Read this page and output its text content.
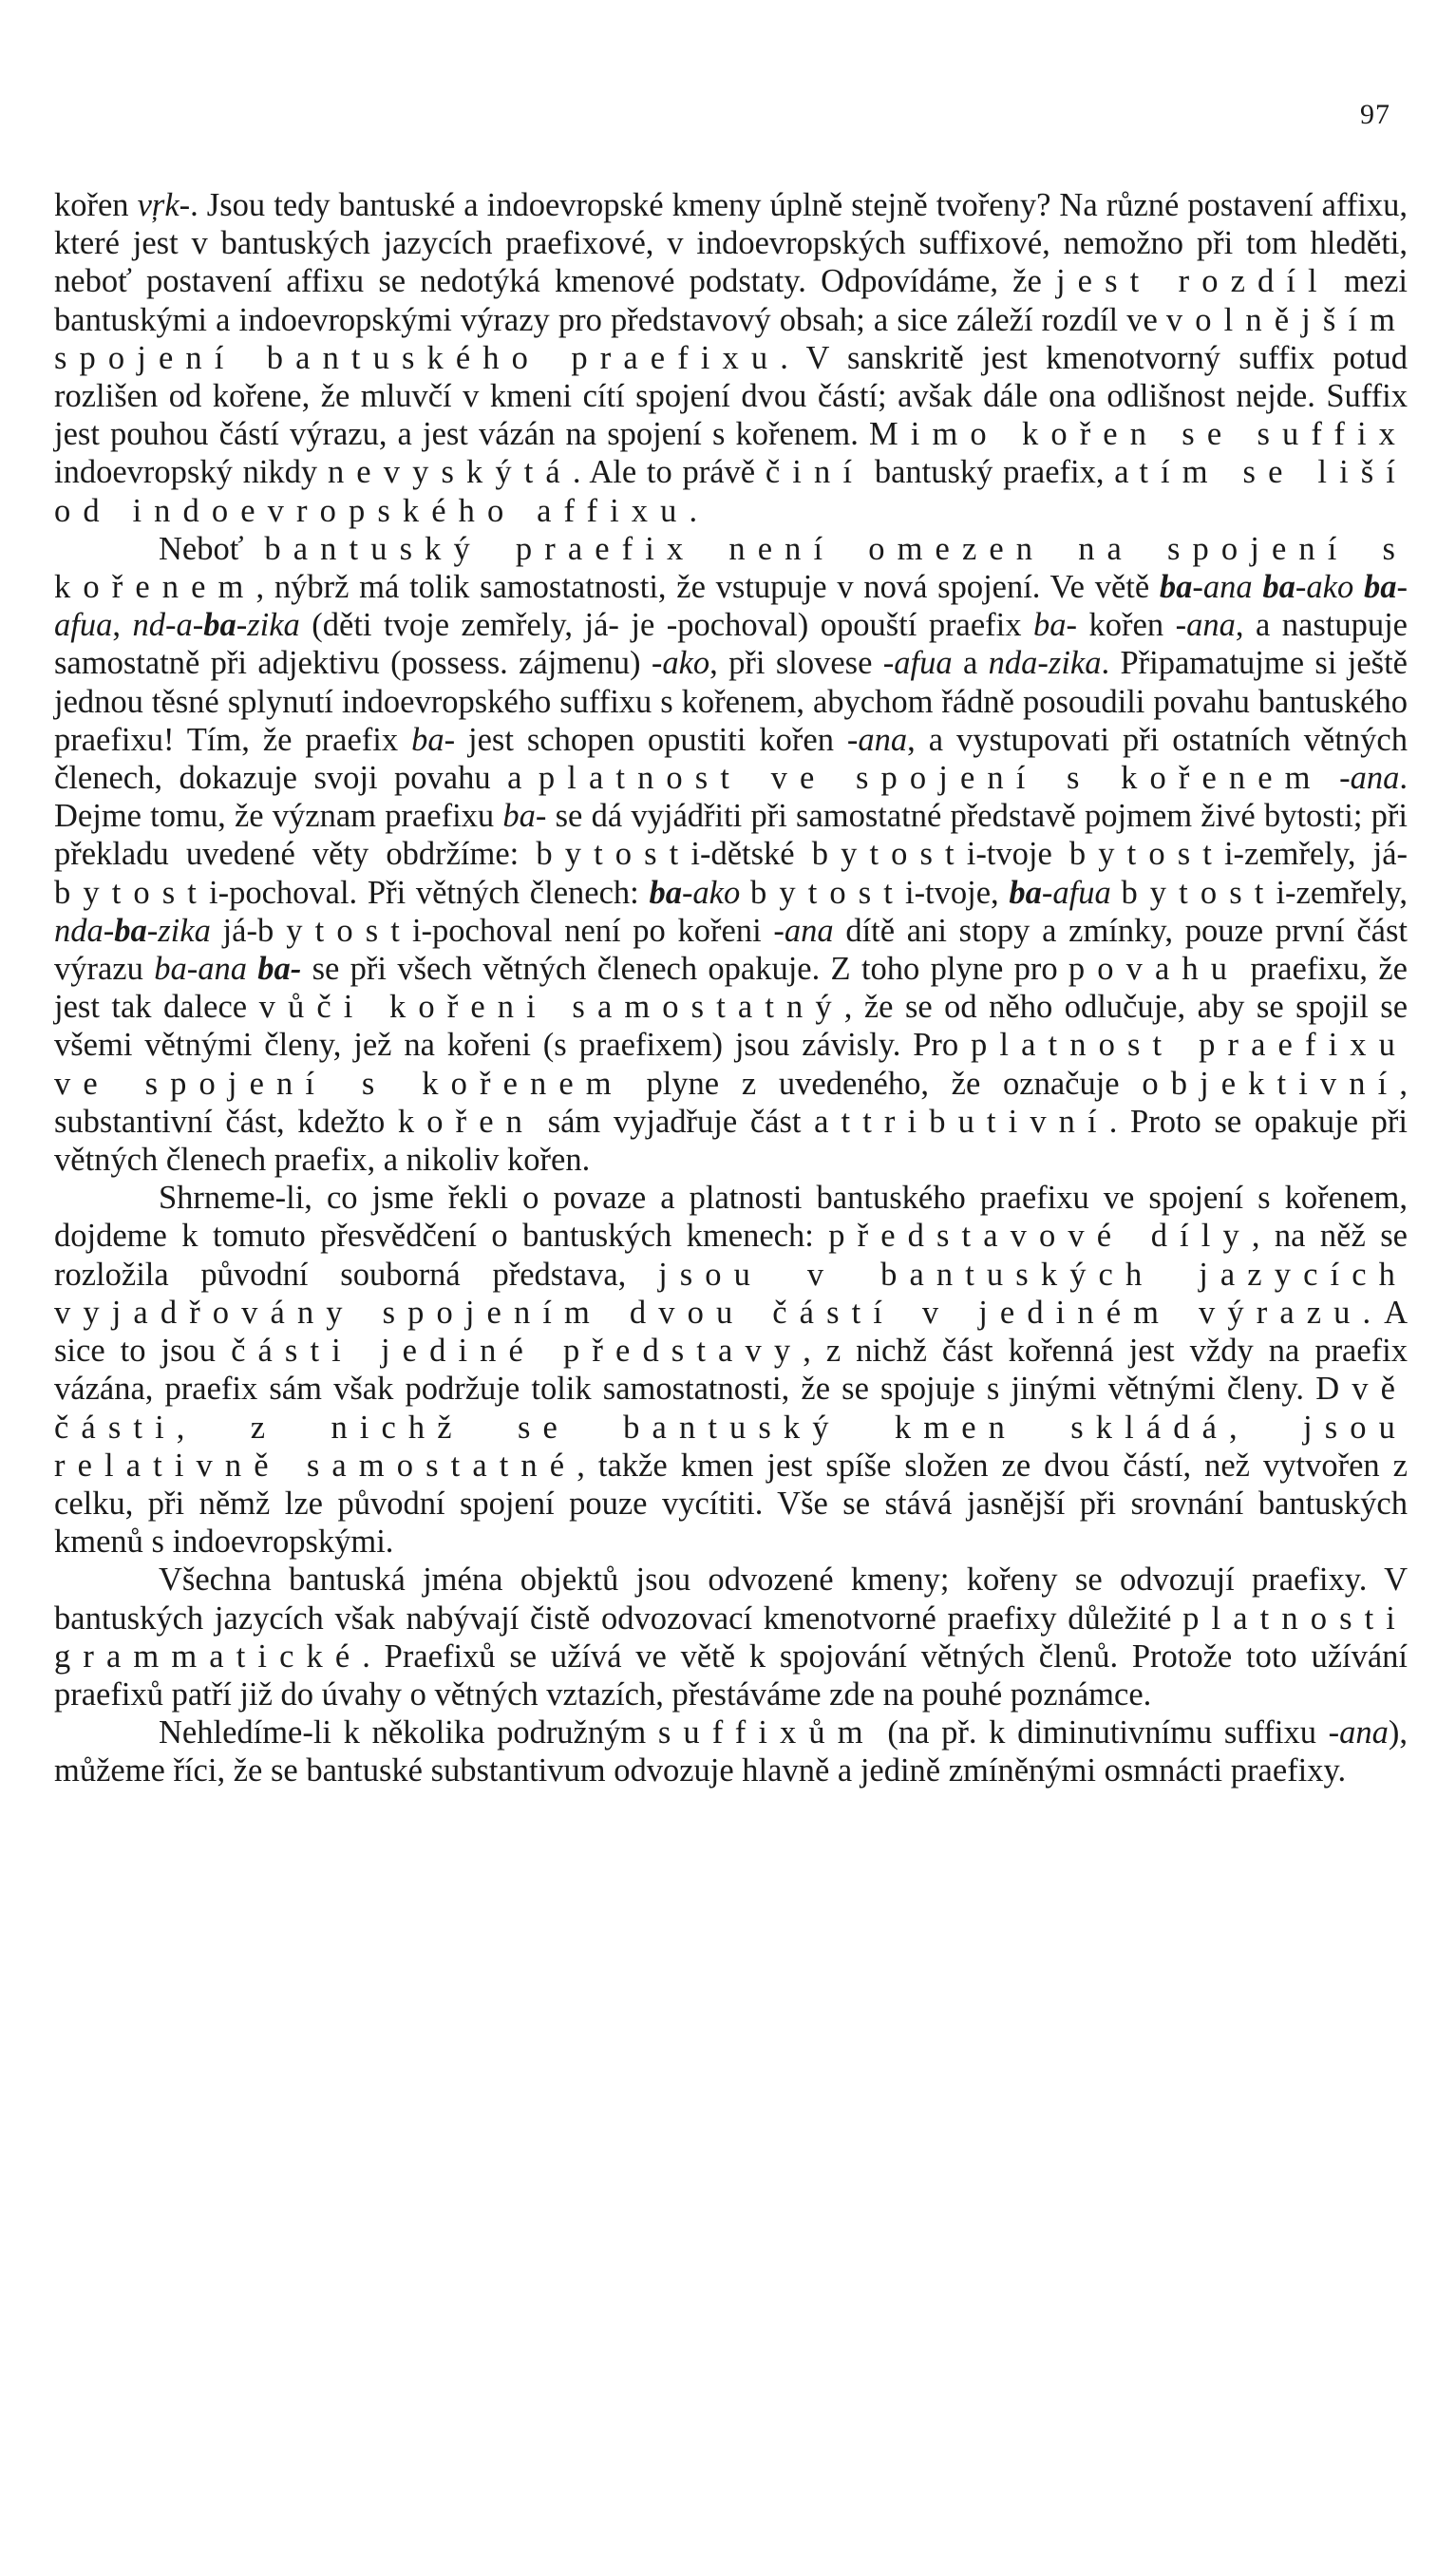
97

kořen vŗk-. Jsou tedy bantuské a indoevropské kmeny úplně stejně tvořeny? Na různé postavení affixu, které jest v bantuských jazycích praefixové, v indoevropských suffixové, nemožno při tom hleděti, neboť postavení affixu se nedotýká kmenové podstaty. Odpovídáme, že jest rozdíl mezi bantuskými a indoevropskými výrazy pro představový obsah; a sice záleží rozdíl ve volnějším spojení bantuského praefixu. V sanskritě jest kmenotvorný suffix potud rozlišen od kořene, že mluvčí v kmeni cítí spojení dvou částí; avšak dále ona odlišnost nejde. Suffix jest pouhou částí výrazu, a jest vázán na spojení s kořenem. Mimo kořen se suffix indoevropský nikdy nevyskýtá. Ale to právě činí bantuský praefix, a tím se liší od indoevropského affixu.

Neboť bantuský praefix není omezen na spojení s kořenem, nýbrž má tolik samostatnosti, že vstupuje v nová spojení. Ve větě ba-ana ba-ako ba-afua, nd-a-ba-zika (děti tvoje zemřely, já- je -pochoval) opouští praefix ba- kořen -ana, a nastupuje samostatně při adjektivu (possess. zájmenu) -ako, při slovese -afua a nda-zika. Připamatujme si ještě jednou těsné splynutí indoevropského suffixu s kořenem, abychom řádně posoudili povahu bantuského praefixu! Tím, že praefix ba- jest schopen opustiti kořen -ana, a vystupovati při ostatních větných členech, dokazuje svoji povahu a platnost ve spojení s kořenem -ana. Dejme tomu, že význam praefixu ba- se dá vyjádřiti při samostatné představě pojmem živé bytosti; při překladu uvedené věty obdržíme: bytosti-dětské bytosti-tvoje bytosti-zemřely, já-bytosti-pochoval. Při větných členech: ba-ako bytosti-tvoje, ba-afua bytosti-zemřely, nda-ba-zika já-bytosti-pochoval není po kořeni -ana dítě ani stopy a zmínky, pouze první část výrazu ba-ana ba- se při všech větných členech opakuje. Z toho plyne pro povahu praefixu, že jest tak dalece vůči kořeni samostatný, že se od něho odlučuje, aby se spojil se všemi větnými členy, jež na kořeni (s praefixem) jsou závisly. Pro platnost praefixu ve spojení s kořenem plyne z uvedeného, že označuje objektivní, substantivní část, kdežto kořen sám vyjadřuje část attributivní. Proto se opakuje při větných členech praefix, a nikoliv kořen.

Shrneme-li, co jsme řekli o povaze a platnosti bantuského praefixu ve spojení s kořenem, dojdeme k tomuto přesvědčení o bantuských kmenech: představové díly, na něž se rozložila původní souborná představa, jsou v bantuských jazycích vyjadřovány spojením dvou částí v jediném výrazu. A sice to jsou části jediné představy, z nichž část kořenná jest vždy na praefix vázána, praefix sám však podržuje tolik samostatnosti, že se spojuje s jinými větnými členy. Dvě části, z nichž se bantuský kmen skládá, jsou relativně samostatné, takže kmen jest spíše složen ze dvou částí, než vytvořen z celku, při němž lze původní spojení pouze vycítiti. Vše se stává jasnější při srovnání bantuských kmenů s indoevropskými.

Všechna bantuská jména objektů jsou odvozené kmeny; kořeny se odvozují praefixy. V bantuských jazycích však nabývají čistě odvozovací kmenotvorné praefixy důležité platnosti grammatické. Praefixů se užívá ve větě k spojování větných členů. Protože toto užívání praefixů patří již do úvahy o větných vztazích, přestáváme zde na pouhé poznámce.

Nehledíme-li k několika podružným suffixům (na př. k diminutivnímu suffixu -ana), můžeme říci, že se bantuské substantivum odvozuje hlavně a jedině zmíněnými osmnácti praefixy.
